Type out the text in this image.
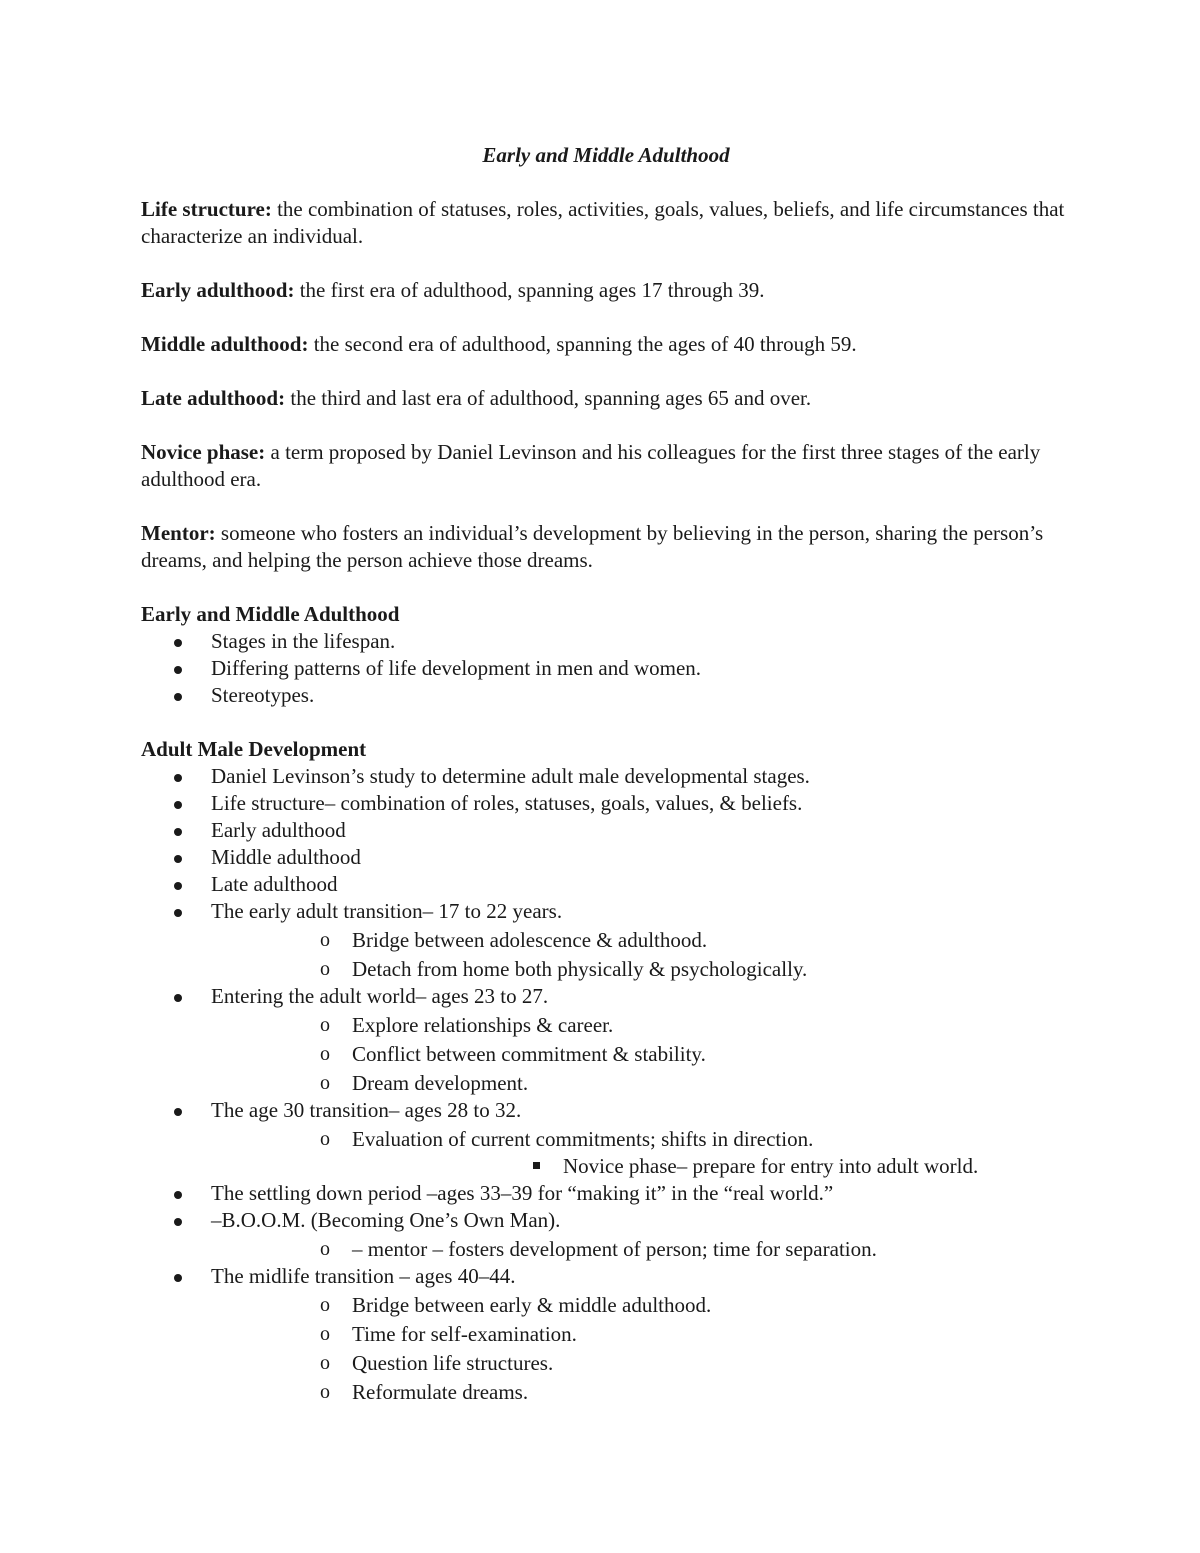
Early and Middle Adulthood

Life structure: the combination of statuses, roles, activities, goals, values, beliefs, and life circumstances that characterize an individual.

Early adulthood: the first era of adulthood, spanning ages 17 through 39.

Middle adulthood: the second era of adulthood, spanning the ages of 40 through 59.

Late adulthood: the third and last era of adulthood, spanning ages 65 and over.

Novice phase: a term proposed by Daniel Levinson and his colleagues for the first three stages of the early adulthood era.

Mentor: someone who fosters an individual’s development by believing in the person, sharing the person’s dreams, and helping the person achieve those dreams.

Early and Middle Adulthood

Stages in the lifespan.
Differing patterns of life development in men and women.
Stereotypes.

Adult Male Development

Daniel Levinson’s study to determine adult male developmental stages.
Life structure– combination of roles, statuses, goals, values, & beliefs.
Early adulthood
Middle adulthood
Late adulthood
The early adult transition– 17 to 22 years.
o Bridge between adolescence & adulthood.
o Detach from home both physically & psychologically.
Entering the adult world– ages 23 to 27.
o Explore relationships & career.
o Conflict between commitment & stability.
o Dream development.
The age 30 transition– ages 28 to 32.
o Evaluation of current commitments; shifts in direction.
Novice phase– prepare for entry into adult world.
The settling down period –ages 33–39 for “making it” in the “real world.”
–B.O.O.M. (Becoming One’s Own Man).
o – mentor – fosters development of person; time for separation.
The midlife transition – ages 40–44.
o Bridge between early & middle adulthood.
o Time for self-examination.
o Question life structures.
o Reformulate dreams.
